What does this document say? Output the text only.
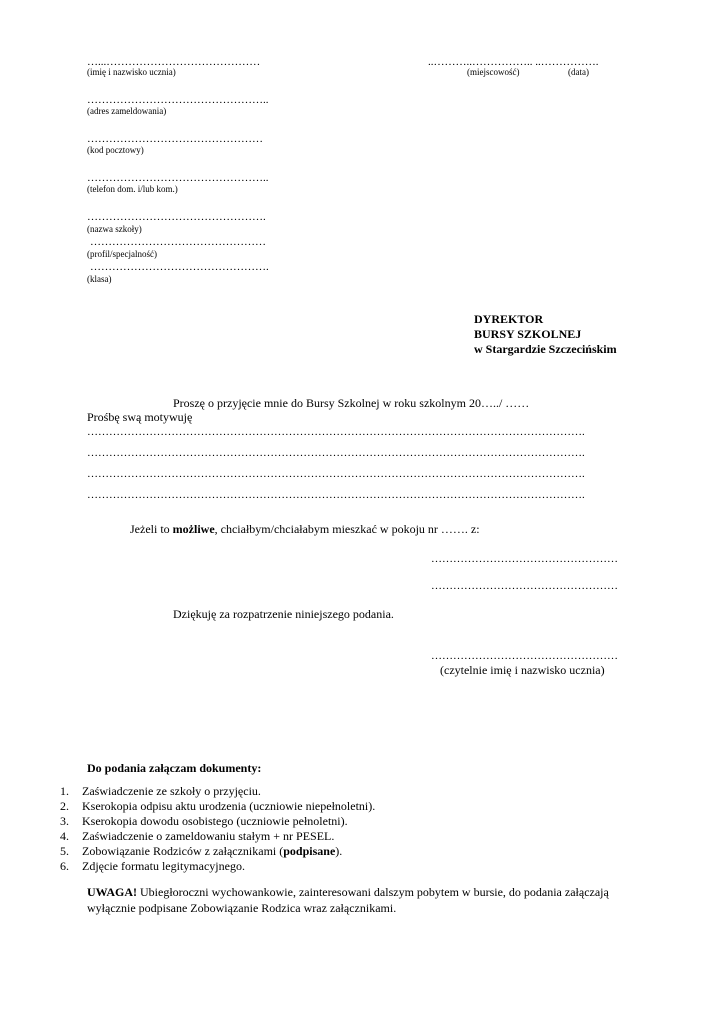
…...……………………………………
(imię i nazwisko ucznia)
..………..…………….. ..…………….
(miejscowość)	(data)
…………………………………………..
(adres zameldowania)
…………………………………………
(kod pocztowy)
…………………………………………..
(telefon dom. i/lub kom.)
………………………………………….
(nazwa szkoły)
…………………………………………
(profil/specjalność)
………………………………………….
(klasa)
DYREKTOR
BURSY SZKOLNEJ
w Stargardzie Szczecińskim
Proszę o przyjęcie mnie do Bursy Szkolnej w roku szkolnym 20…../ ……
Prośbę swą motywuję
……………………………………………………………………………………………………………………….
……………………………………………………………………………………………………………………….
……………………………………………………………………………………………………………………….
……………………………………………………………………………………………………………………….
Jeżeli to możliwe, chciałbym/chciałabym mieszkać w pokoju nr ……. z:
……………………………………………
……………………………………………
Dziękuję za rozpatrzenie niniejszego podania.
……………………………………………
(czytelnie imię i nazwisko ucznia)
Do podania załączam dokumenty:
1. Zaświadczenie ze szkoły o przyjęciu.
2. Kserokopia odpisu aktu urodzenia (uczniowie niepełnoletni).
3. Kserokopia dowodu osobistego (uczniowie pełnoletni).
4. Zaświadczenie o zameldowaniu stałym + nr PESEL.
5. Zobowiązanie Rodziców z załącznikami (podpisane).
6. Zdjęcie formatu legitymacyjnego.
UWAGA! Ubiegłoroczni wychowankowie, zainteresowani dalszym pobytem w bursie, do podania załączają wyłącznie podpisane Zobowiązanie Rodzica wraz załącznikami.
